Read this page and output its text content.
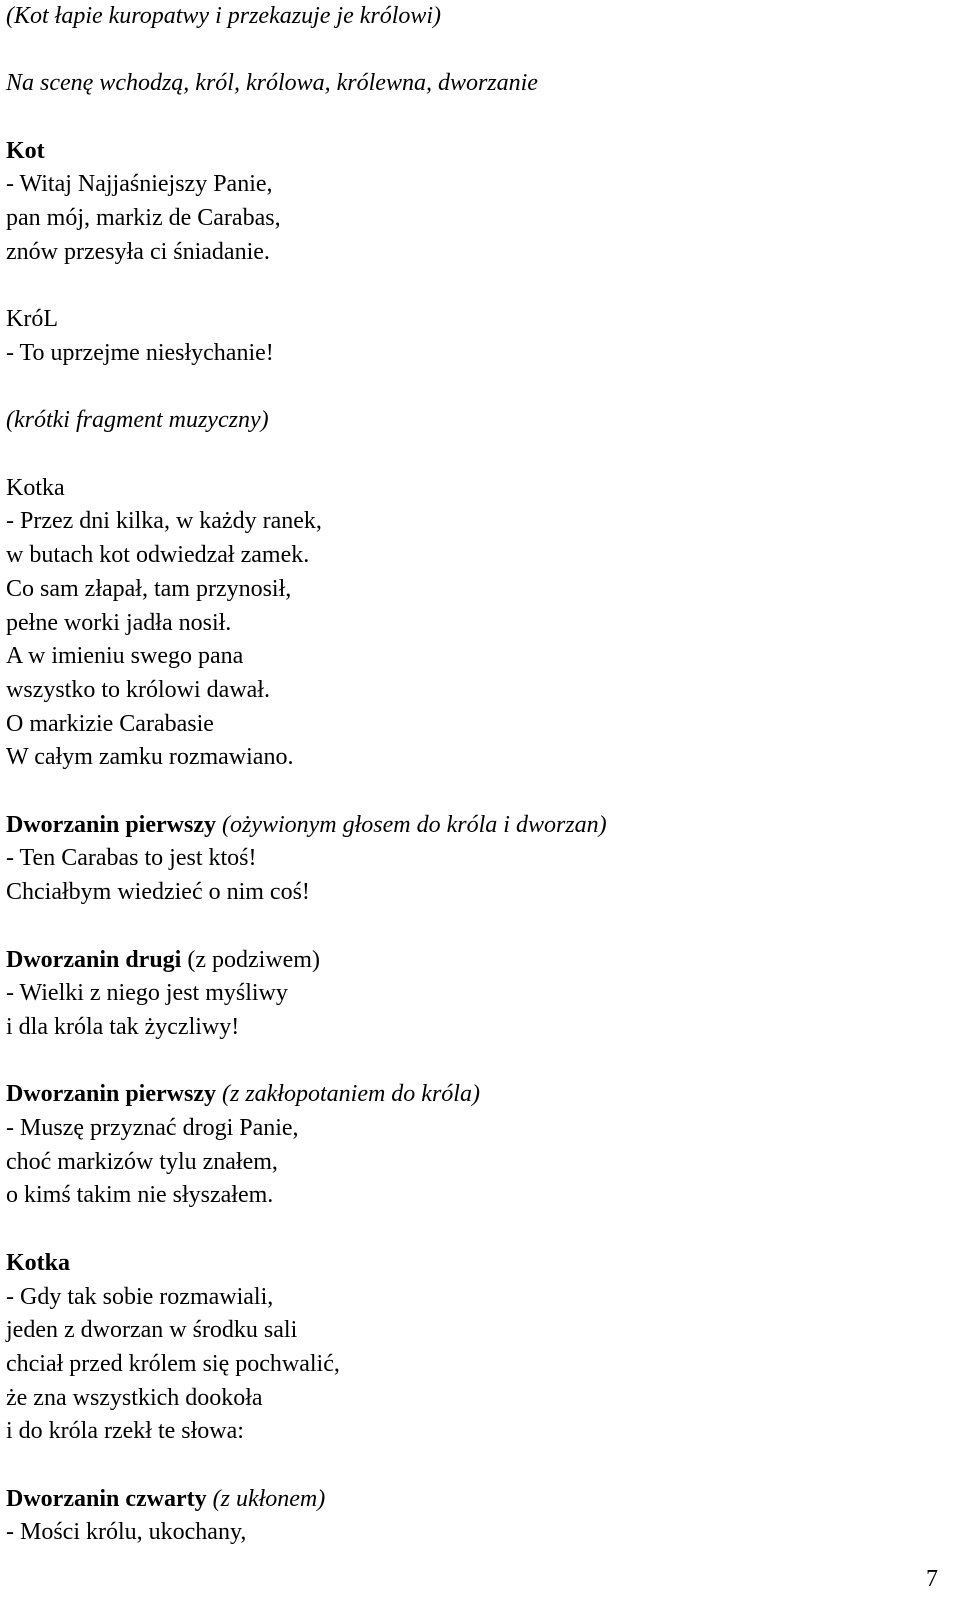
(Kot łapie kuropatwy i przekazuje je królowi)
Na scenę wchodzą, król, królowa, królewna, dworzanie
Kot
- Witaj Najjaśniejszy Panie,
pan mój, markiz de Carabas,
znów przesyła ci śniadanie.
KróL
- To uprzejme niesłychanie!
(krótki fragment muzyczny)
Kotka
- Przez dni kilka, w każdy ranek,
w butach kot odwiedzał zamek.
Co sam złapał, tam przynosił,
pełne worki jadła nosił.
A w imieniu swego pana
wszystko to królowi dawał.
O markizie Carabasie
W całym zamku rozmawiano.
Dworzanin pierwszy (ożywionym głosem do króla i dworzan)
- Ten Carabas to jest ktoś!
Chciałbym wiedzieć o nim coś!
Dworzanin drugi (z podziwem)
- Wielki z niego jest myśliwy
i dla króla tak życzliwy!
Dworzanin pierwszy (z zakłopotaniem do króla)
- Muszę przyznać drogi Panie,
choć markizów tylu znałem,
o kimś takim nie słyszałem.
Kotka
- Gdy tak sobie rozmawiali,
jeden z dworzan w środku sali
chciał przed królem się pochwalić,
że zna wszystkich dookoła
i do króla rzekł te słowa:
Dworzanin czwarty (z ukłonem)
- Mości królu, ukochany,
7
